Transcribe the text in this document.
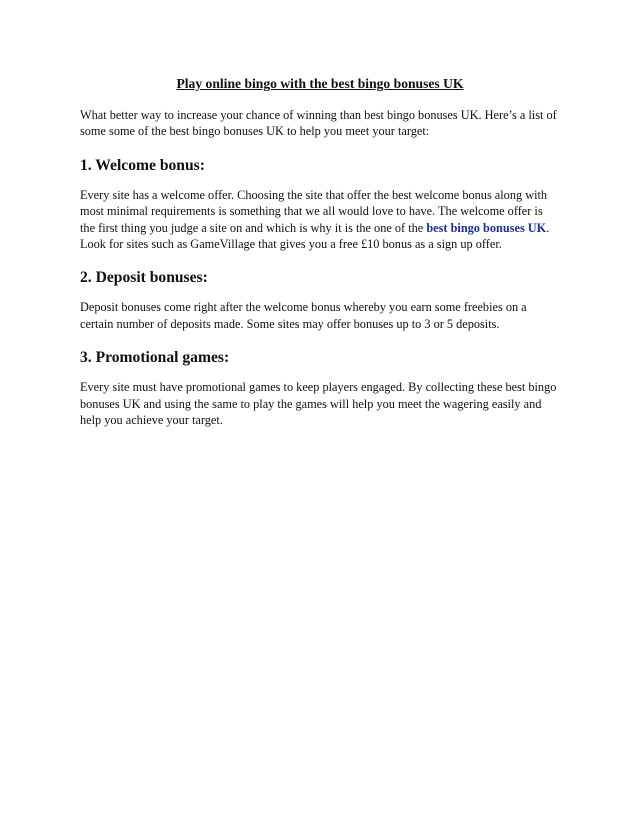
Play online bingo with the best bingo bonuses UK

What better way to increase your chance of winning than best bingo bonuses UK. Here’s a list of some some of the best bingo bonuses UK to help you meet your target:

1. Welcome bonus:

Every site has a welcome offer. Choosing the site that offer the best welcome bonus along with most minimal requirements is something that we all would love to have. The welcome offer is the first thing you judge a site on and which is why it is the one of the best bingo bonuses UK. Look for sites such as GameVillage that gives you a free £10 bonus as a sign up offer.

2. Deposit bonuses:

Deposit bonuses come right after the welcome bonus whereby you earn some freebies on a certain number of deposits made. Some sites may offer bonuses up to 3 or 5 deposits.

3. Promotional games:

Every site must have promotional games to keep players engaged. By collecting these best bingo bonuses UK and using the same to play the games will help you meet the wagering easily and help you achieve your target.
